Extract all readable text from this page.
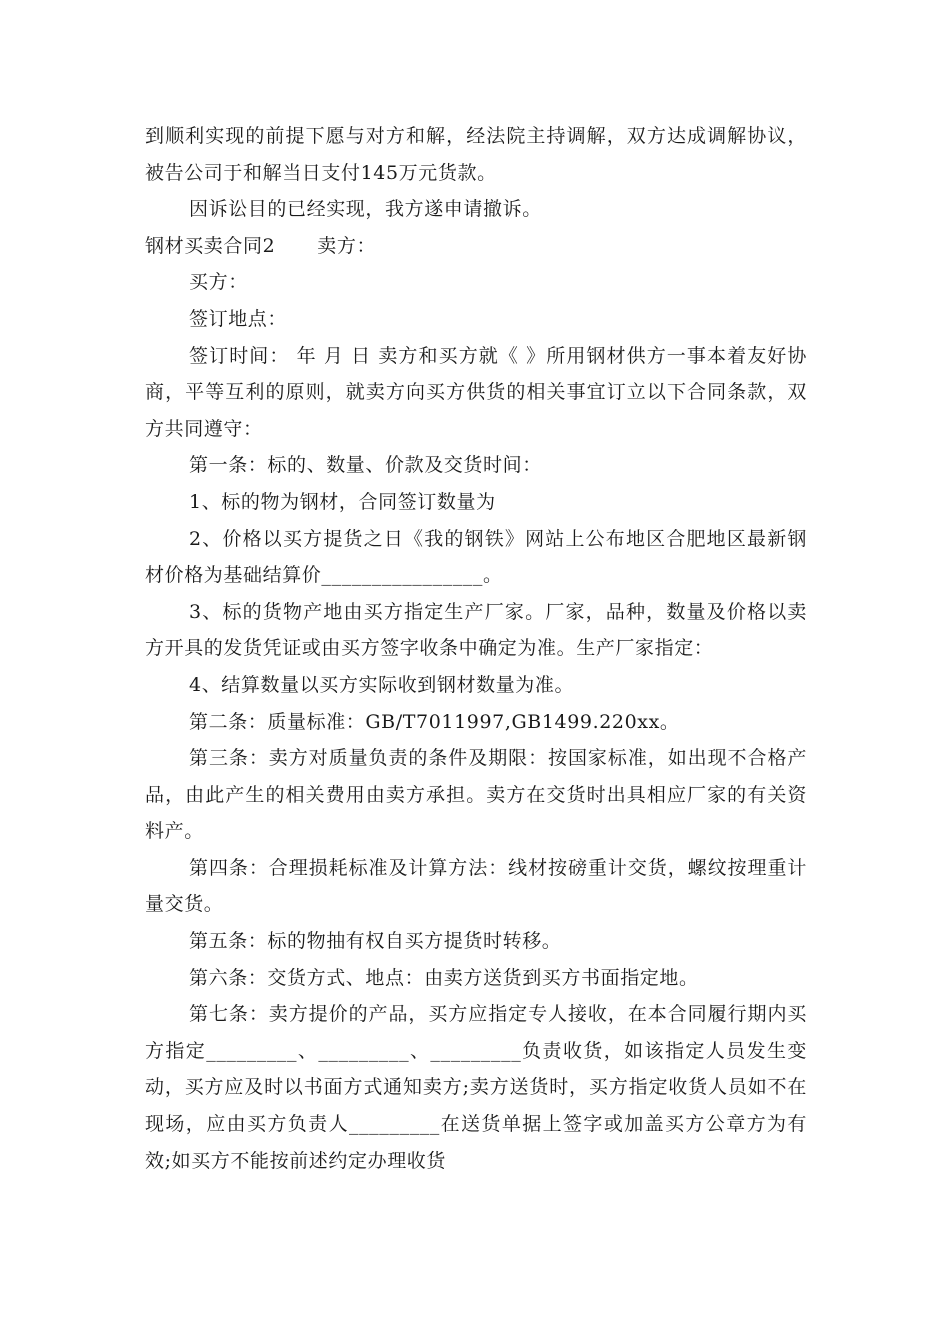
到顺利实现的前提下愿与对方和解，经法院主持调解，双方达成调解协议，被告公司于和解当日支付145万元货款。

因诉讼目的已经实现，我方遂申请撤诉。

钢材买卖合同2 卖方：

买方：

签订地点：

签订时间： 年 月 日 卖方和买方就《 》所用钢材供方一事本着友好协商，平等互利的原则，就卖方向买方供货的相关事宜订立以下合同条款，双方共同遵守：

第一条：标的、数量、价款及交货时间：

1、标的物为钢材，合同签订数量为

2、价格以买方提货之日《我的钢铁》网站上公布地区合肥地区最新钢材价格为基础结算价________________。

3、标的货物产地由买方指定生产厂家。厂家，品种，数量及价格以卖方开具的发货凭证或由买方签字收条中确定为准。生产厂家指定：

4、结算数量以买方实际收到钢材数量为准。

第二条：质量标准：GB/T7011997,GB1499.220xx。

第三条：卖方对质量负责的条件及期限：按国家标准，如出现不合格产品，由此产生的相关费用由卖方承担。卖方在交货时出具相应厂家的有关资料产。

第四条：合理损耗标准及计算方法：线材按磅重计交货，螺纹按理重计量交货。

第五条：标的物抽有权自买方提货时转移。

第六条：交货方式、地点：由卖方送货到买方书面指定地。

第七条：卖方提价的产品，买方应指定专人接收，在本合同履行期内买方指定_________、_________、_________负责收货，如该指定人员发生变动，买方应及时以书面方式通知卖方;卖方送货时，买方指定收货人员如不在现场，应由买方负责人_________在送货单据上签字或加盖买方公章方为有效;如买方不能按前述约定办理收货
